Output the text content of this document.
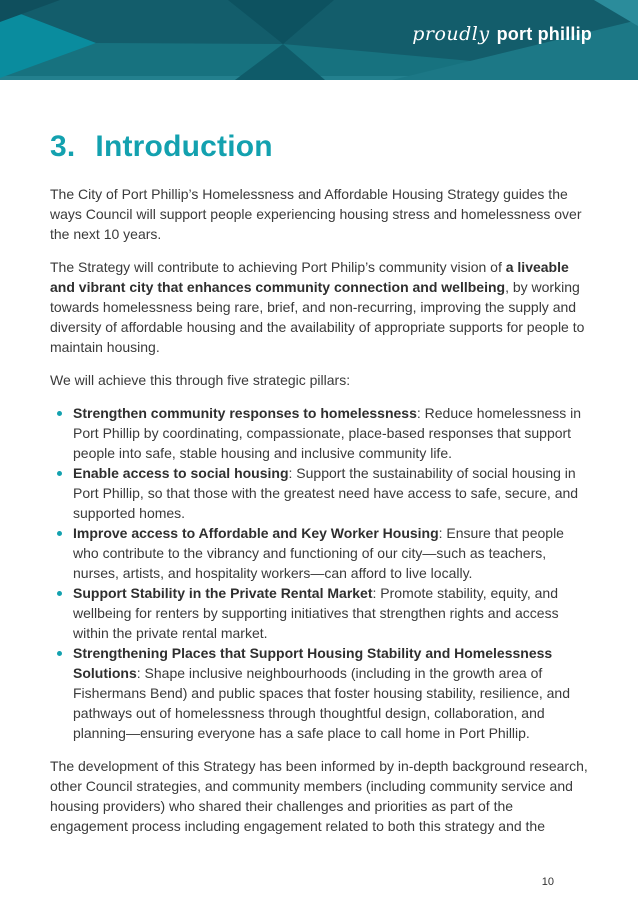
proudly port phillip
3. Introduction

The City of Port Phillip’s Homelessness and Affordable Housing Strategy guides the ways Council will support people experiencing housing stress and homelessness over the next 10 years.

The Strategy will contribute to achieving Port Philip’s community vision of a liveable and vibrant city that enhances community connection and wellbeing, by working towards homelessness being rare, brief, and non-recurring, improving the supply and diversity of affordable housing and the availability of appropriate supports for people to maintain housing.

We will achieve this through five strategic pillars:

Strengthen community responses to homelessness: Reduce homelessness in Port Phillip by coordinating, compassionate, place-based responses that support people into safe, stable housing and inclusive community life.
Enable access to social housing: Support the sustainability of social housing in Port Phillip, so that those with the greatest need have access to safe, secure, and supported homes.
Improve access to Affordable and Key Worker Housing: Ensure that people who contribute to the vibrancy and functioning of our city—such as teachers, nurses, artists, and hospitality workers—can afford to live locally.
Support Stability in the Private Rental Market: Promote stability, equity, and wellbeing for renters by supporting initiatives that strengthen rights and access within the private rental market.
Strengthening Places that Support Housing Stability and Homelessness Solutions: Shape inclusive neighbourhoods (including in the growth area of Fishermans Bend) and public spaces that foster housing stability, resilience, and pathways out of homelessness through thoughtful design, collaboration, and planning—ensuring everyone has a safe place to call home in Port Phillip.

The development of this Strategy has been informed by in-depth background research, other Council strategies, and community members (including community service and housing providers) who shared their challenges and priorities as part of the engagement process including engagement related to both this strategy and the

10
